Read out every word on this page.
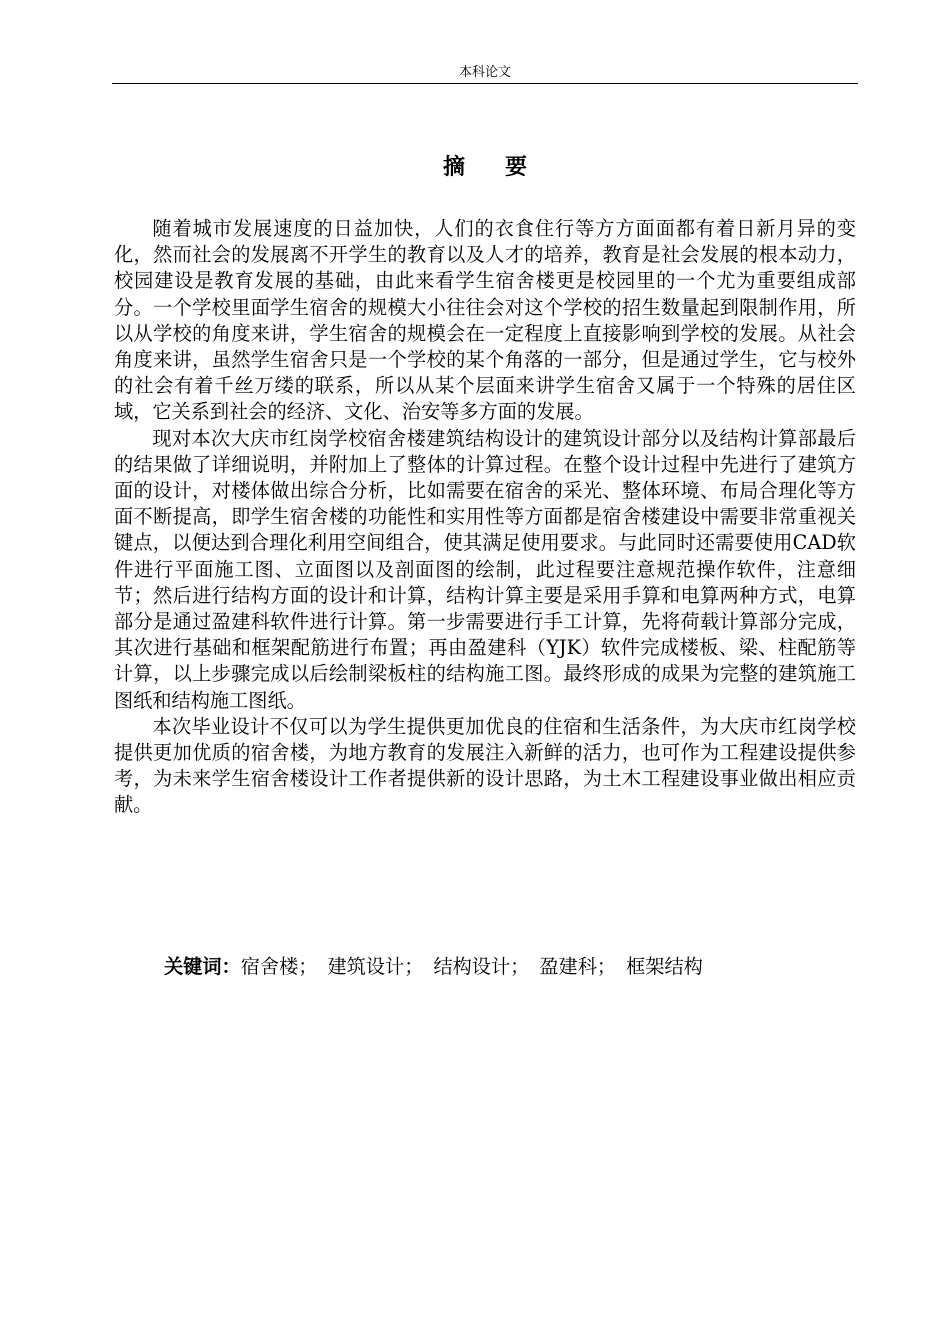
本科论文
摘要

随着城市发展速度的日益加快，人们的衣食住行等方方面面都有着日新月异的变化，然而社会的发展离不开学生的教育以及人才的培养，教育是社会发展的根本动力，校园建设是教育发展的基础，由此来看学生宿舍楼更是校园里的一个尤为重要组成部分。一个学校里面学生宿舍的规模大小往往会对这个学校的招生数量起到限制作用，所以从学校的角度来讲，学生宿舍的规模会在一定程度上直接影响到学校的发展。从社会角度来讲，虽然学生宿舍只是一个学校的某个角落的一部分，但是通过学生，它与校外的社会有着千丝万缕的联系，所以从某个层面来讲学生宿舍又属于一个特殊的居住区域，它关系到社会的经济、文化、治安等多方面的发展。

现对本次大庆市红岗学校宿舍楼建筑结构设计的建筑设计部分以及结构计算部最后的结果做了详细说明，并附加上了整体的计算过程。在整个设计过程中先进行了建筑方面的设计，对楼体做出综合分析，比如需要在宿舍的采光、整体环境、布局合理化等方面不断提高，即学生宿舍楼的功能性和实用性等方面都是宿舍楼建设中需要非常重视关键点，以便达到合理化利用空间组合，使其满足使用要求。与此同时还需要使用CAD软件进行平面施工图、立面图以及剖面图的绘制，此过程要注意规范操作软件，注意细节；然后进行结构方面的设计和计算，结构计算主要是采用手算和电算两种方式，电算部分是通过盈建科软件进行计算。第一步需要进行手工计算，先将荷载计算部分完成，其次进行基础和框架配筋进行布置；再由盈建科（YJK）软件完成楼板、梁、柱配筋等计算，以上步骤完成以后绘制梁板柱的结构施工图。最终形成的成果为完整的建筑施工图纸和结构施工图纸。

本次毕业设计不仅可以为学生提供更加优良的住宿和生活条件，为大庆市红岗学校提供更加优质的宿舍楼，为地方教育的发展注入新鲜的活力，也可作为工程建设提供参考，为未来学生宿舍楼设计工作者提供新的设计思路，为土木工程建设事业做出相应贡献。

关键词：宿舍楼； 建筑设计； 结构设计； 盈建科； 框架结构
